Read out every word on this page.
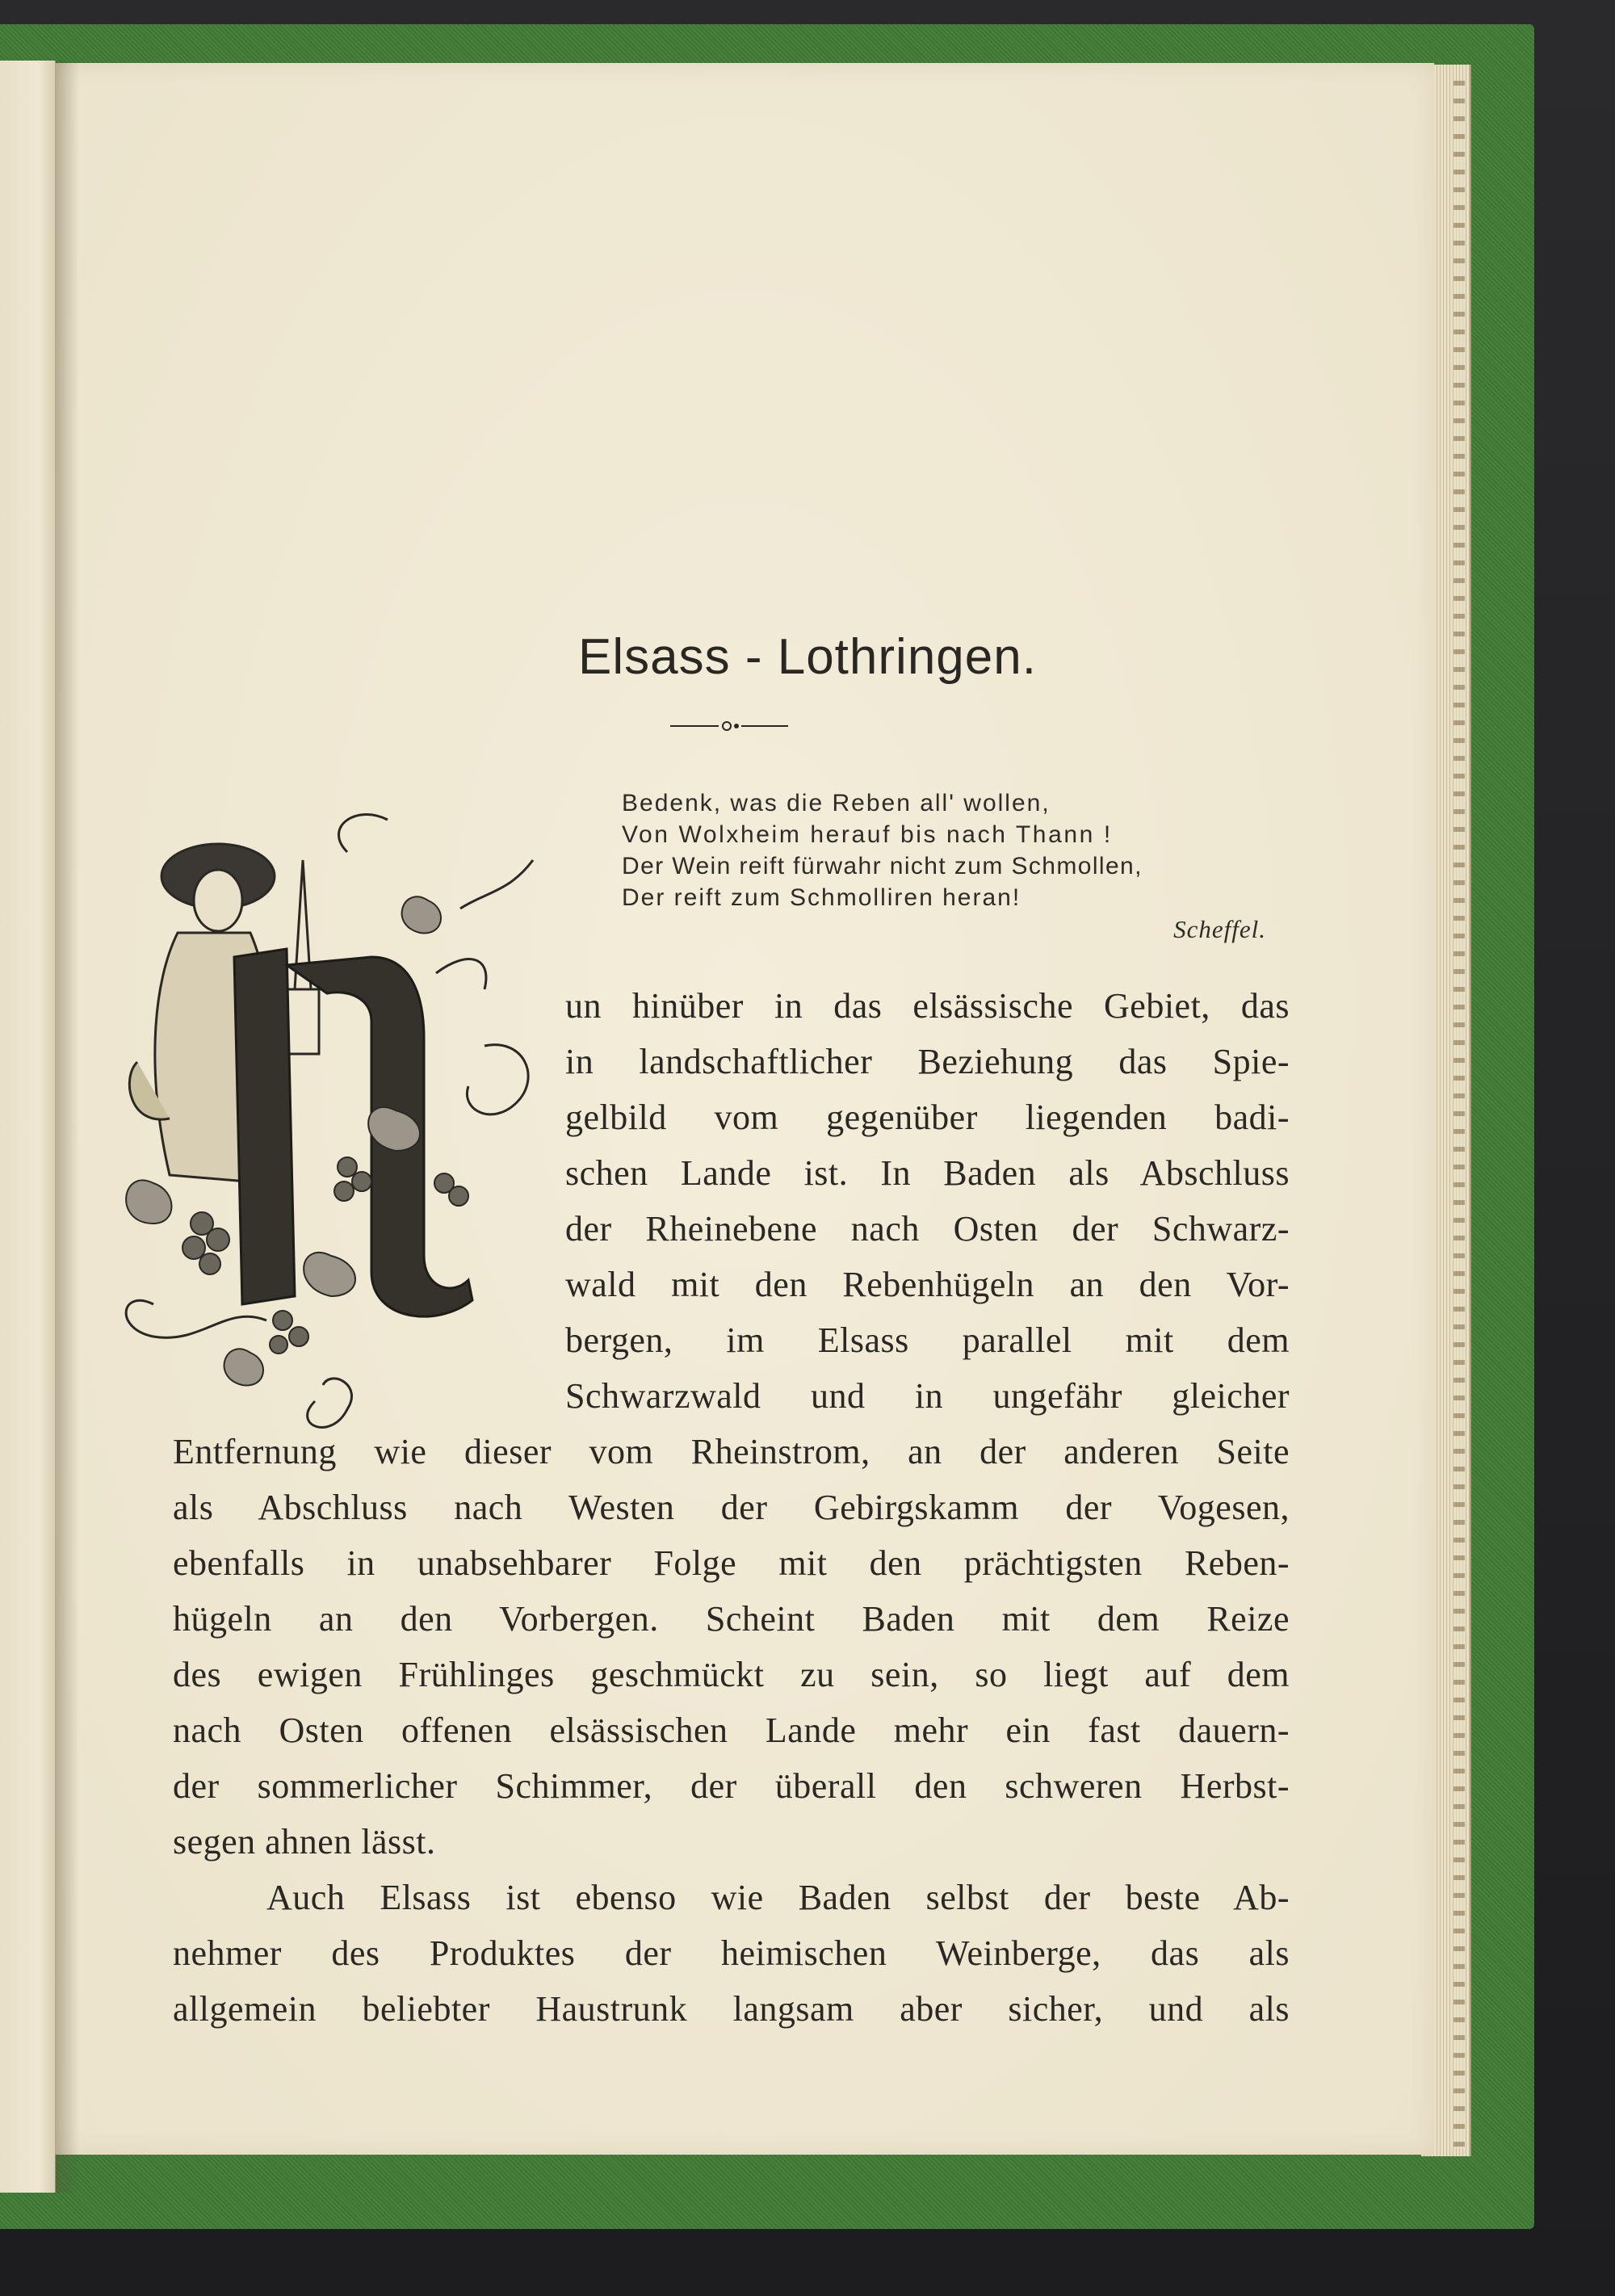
Elsass - Lothringen.
Bedenk, was die Reben all' wollen,
Von Wolxheim herauf bis nach Thann !
Der Wein reift fürwahr nicht zum Schmollen,
Der reift zum Schmolliren heran!
Scheffel.
un hinüber in das elsässische Gebiet, das
in landschaftlicher Beziehung das Spie-
gelbild vom gegenüber liegenden badi-
schen Lande ist. In Baden als Abschluss
der Rheinebene nach Osten der Schwarz-
wald mit den Rebenhügeln an den Vor-
bergen, im Elsass parallel mit dem
Schwarzwald und in ungefähr gleicher
Entfernung wie dieser vom Rheinstrom, an der anderen Seite
als Abschluss nach Westen der Gebirgskamm der Vogesen,
ebenfalls in unabsehbarer Folge mit den prächtigsten Reben-
hügeln an den Vorbergen. Scheint Baden mit dem Reize
des ewigen Frühlinges geschmückt zu sein, so liegt auf dem
nach Osten offenen elsässischen Lande mehr ein fast dauern-
der sommerlicher Schimmer, der überall den schweren Herbst-
segen ahnen lässt.
Auch Elsass ist ebenso wie Baden selbst der beste Ab-
nehmer des Produktes der heimischen Weinberge, das als
allgemein beliebter Haustrunk langsam aber sicher, und als
